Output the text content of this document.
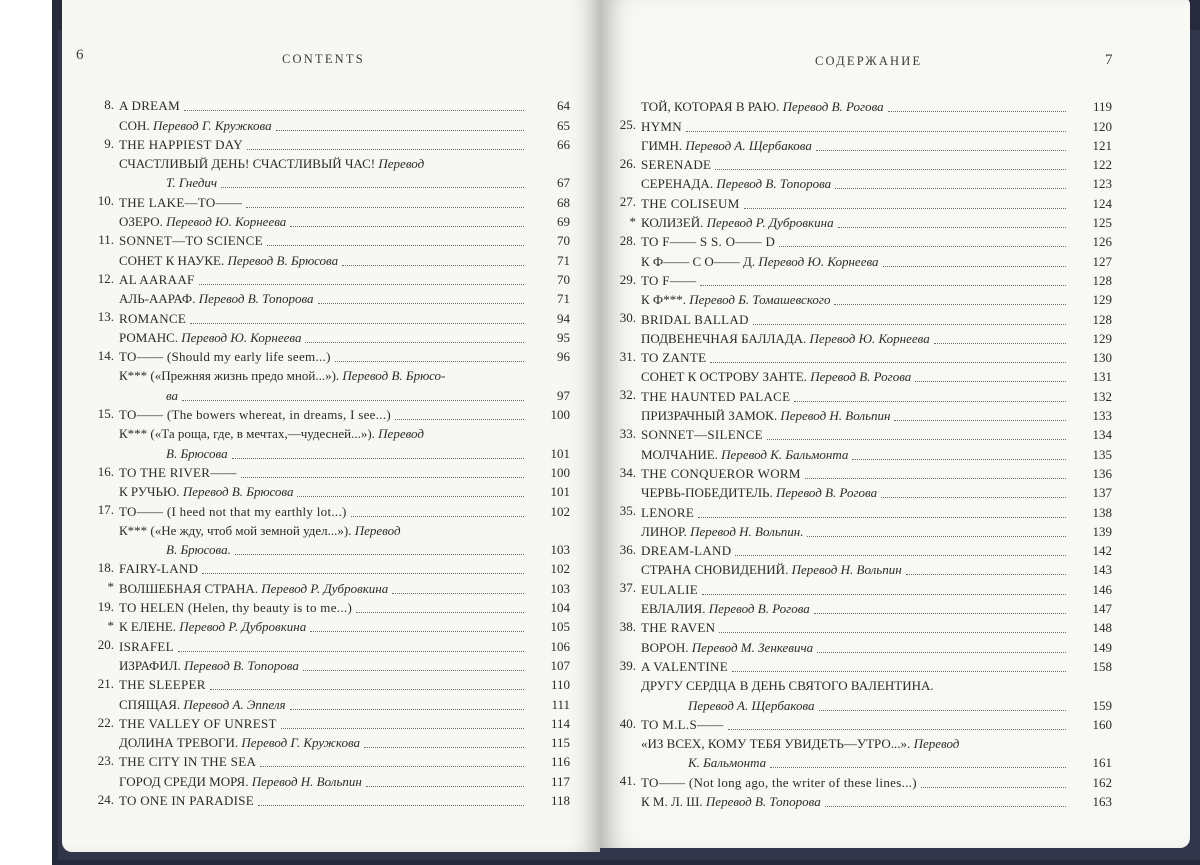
6	CONTENTS
8. A DREAM	64
СОН. Перевод Г. Кружкова	65
9. THE HAPPIEST DAY	66
СЧАСТЛИВЫЙ ДЕНЬ! СЧАСТЛИВЫЙ ЧАС! Перевод
Т. Гнедич	67
10. THE LAKE—TO——	68
ОЗЕРО. Перевод Ю. Корнеева	69
11. SONNET—TO SCIENCE	70
СОНЕТ К НАУКЕ. Перевод В. Брюсова	71
12. AL AARAAF	70
АЛЬ-ААРАФ. Перевод В. Топорова	71
13. ROMANCE	94
РОМАНС. Перевод Ю. Корнеева	95
14. TO—— (Should my early life seem...)	96
К*** («Прежняя жизнь предо мной...»). Перевод В. Брюсо-
ва	97
15. TO—— (The bowers whereat, in dreams, I see...)	100
К*** («Та роща, где, в мечтах,—чудесней...»). Перевод
В. Брюсова	101
16. TO THE RIVER——	100
К РУЧЬЮ. Перевод В. Брюсова	101
17. TO—— (I heed not that my earthly lot...)	102
К*** («Не жду, чтоб мой земной удел...»). Перевод
В. Брюсова.	103
18. FAIRY-LAND	102
* ВОЛШЕБНАЯ СТРАНА. Перевод Р. Дубровкина	103
19. TO HELEN (Helen, thy beauty is to me...)	104
* К ЕЛЕНЕ. Перевод Р. Дубровкина	105
20. ISRAFEL	106
ИЗРАФИЛ. Перевод В. Топорова	107
21. THE SLEEPER	110
СПЯЩАЯ. Перевод А. Эппеля	111
22. THE VALLEY OF UNREST	114
ДОЛИНА ТРЕВОГИ. Перевод Г. Кружкова	115
23. THE CITY IN THE SEA	116
ГОРОД СРЕДИ МОРЯ. Перевод Н. Вольпин	117
24. TO ONE IN PARADISE	118
7
СОДЕРЖАНИЕ
ТОЙ, КОТОРАЯ В РАЮ. Перевод В. Рогова	119
25. HYMN	120
ГИМН. Перевод А. Щербакова	121
26. SERENADE	122
СЕРЕНАДА. Перевод В. Топорова	123
27. THE COLISEUM	124
* КОЛИЗЕЙ. Перевод Р. Дубровкина	125
28. TO F—— S S. O—— D	126
К Ф—— С О—— Д. Перевод Ю. Корнеева	127
29. TO F——	128
К Ф***. Перевод Б. Томашевского	129
30. BRIDAL BALLAD	128
ПОДВЕНЕЧНАЯ БАЛЛАДА. Перевод Ю. Корнеева	129
31. TO ZANTE	130
СОНЕТ К ОСТРОВУ ЗАНТЕ. Перевод В. Рогова	131
32. THE HAUNTED PALACE	132
ПРИЗРАЧНЫЙ ЗАМОК. Перевод Н. Вольпин	133
33. SONNET—SILENCE	134
МОЛЧАНИЕ. Перевод К. Бальмонта	135
34. THE CONQUEROR WORM	136
ЧЕРВЬ-ПОБЕДИТЕЛЬ. Перевод В. Рогова	137
35. LENORE	138
ЛИНОР. Перевод Н. Вольпин.	139
36. DREAM-LAND	142
СТРАНА СНОВИДЕНИЙ. Перевод Н. Вольпин	143
37. EULALIE	146
ЕВЛАЛИЯ. Перевод В. Рогова	147
38. THE RAVEN	148
ВОРОН. Перевод М. Зенкевича	149
39. A VALENTINE	158
ДРУГУ СЕРДЦА В ДЕНЬ СВЯТОГО ВАЛЕНТИНА.
Перевод А. Щербакова	159
40. TO M.L.S——	160
«ИЗ ВСЕХ, КОМУ ТЕБЯ УВИДЕТЬ—УТРО...». Перевод
К. Бальмонта	161
41. TO—— (Not long ago, the writer of these lines...)	162
К М. Л. Ш. Перевод В. Топорова	163
